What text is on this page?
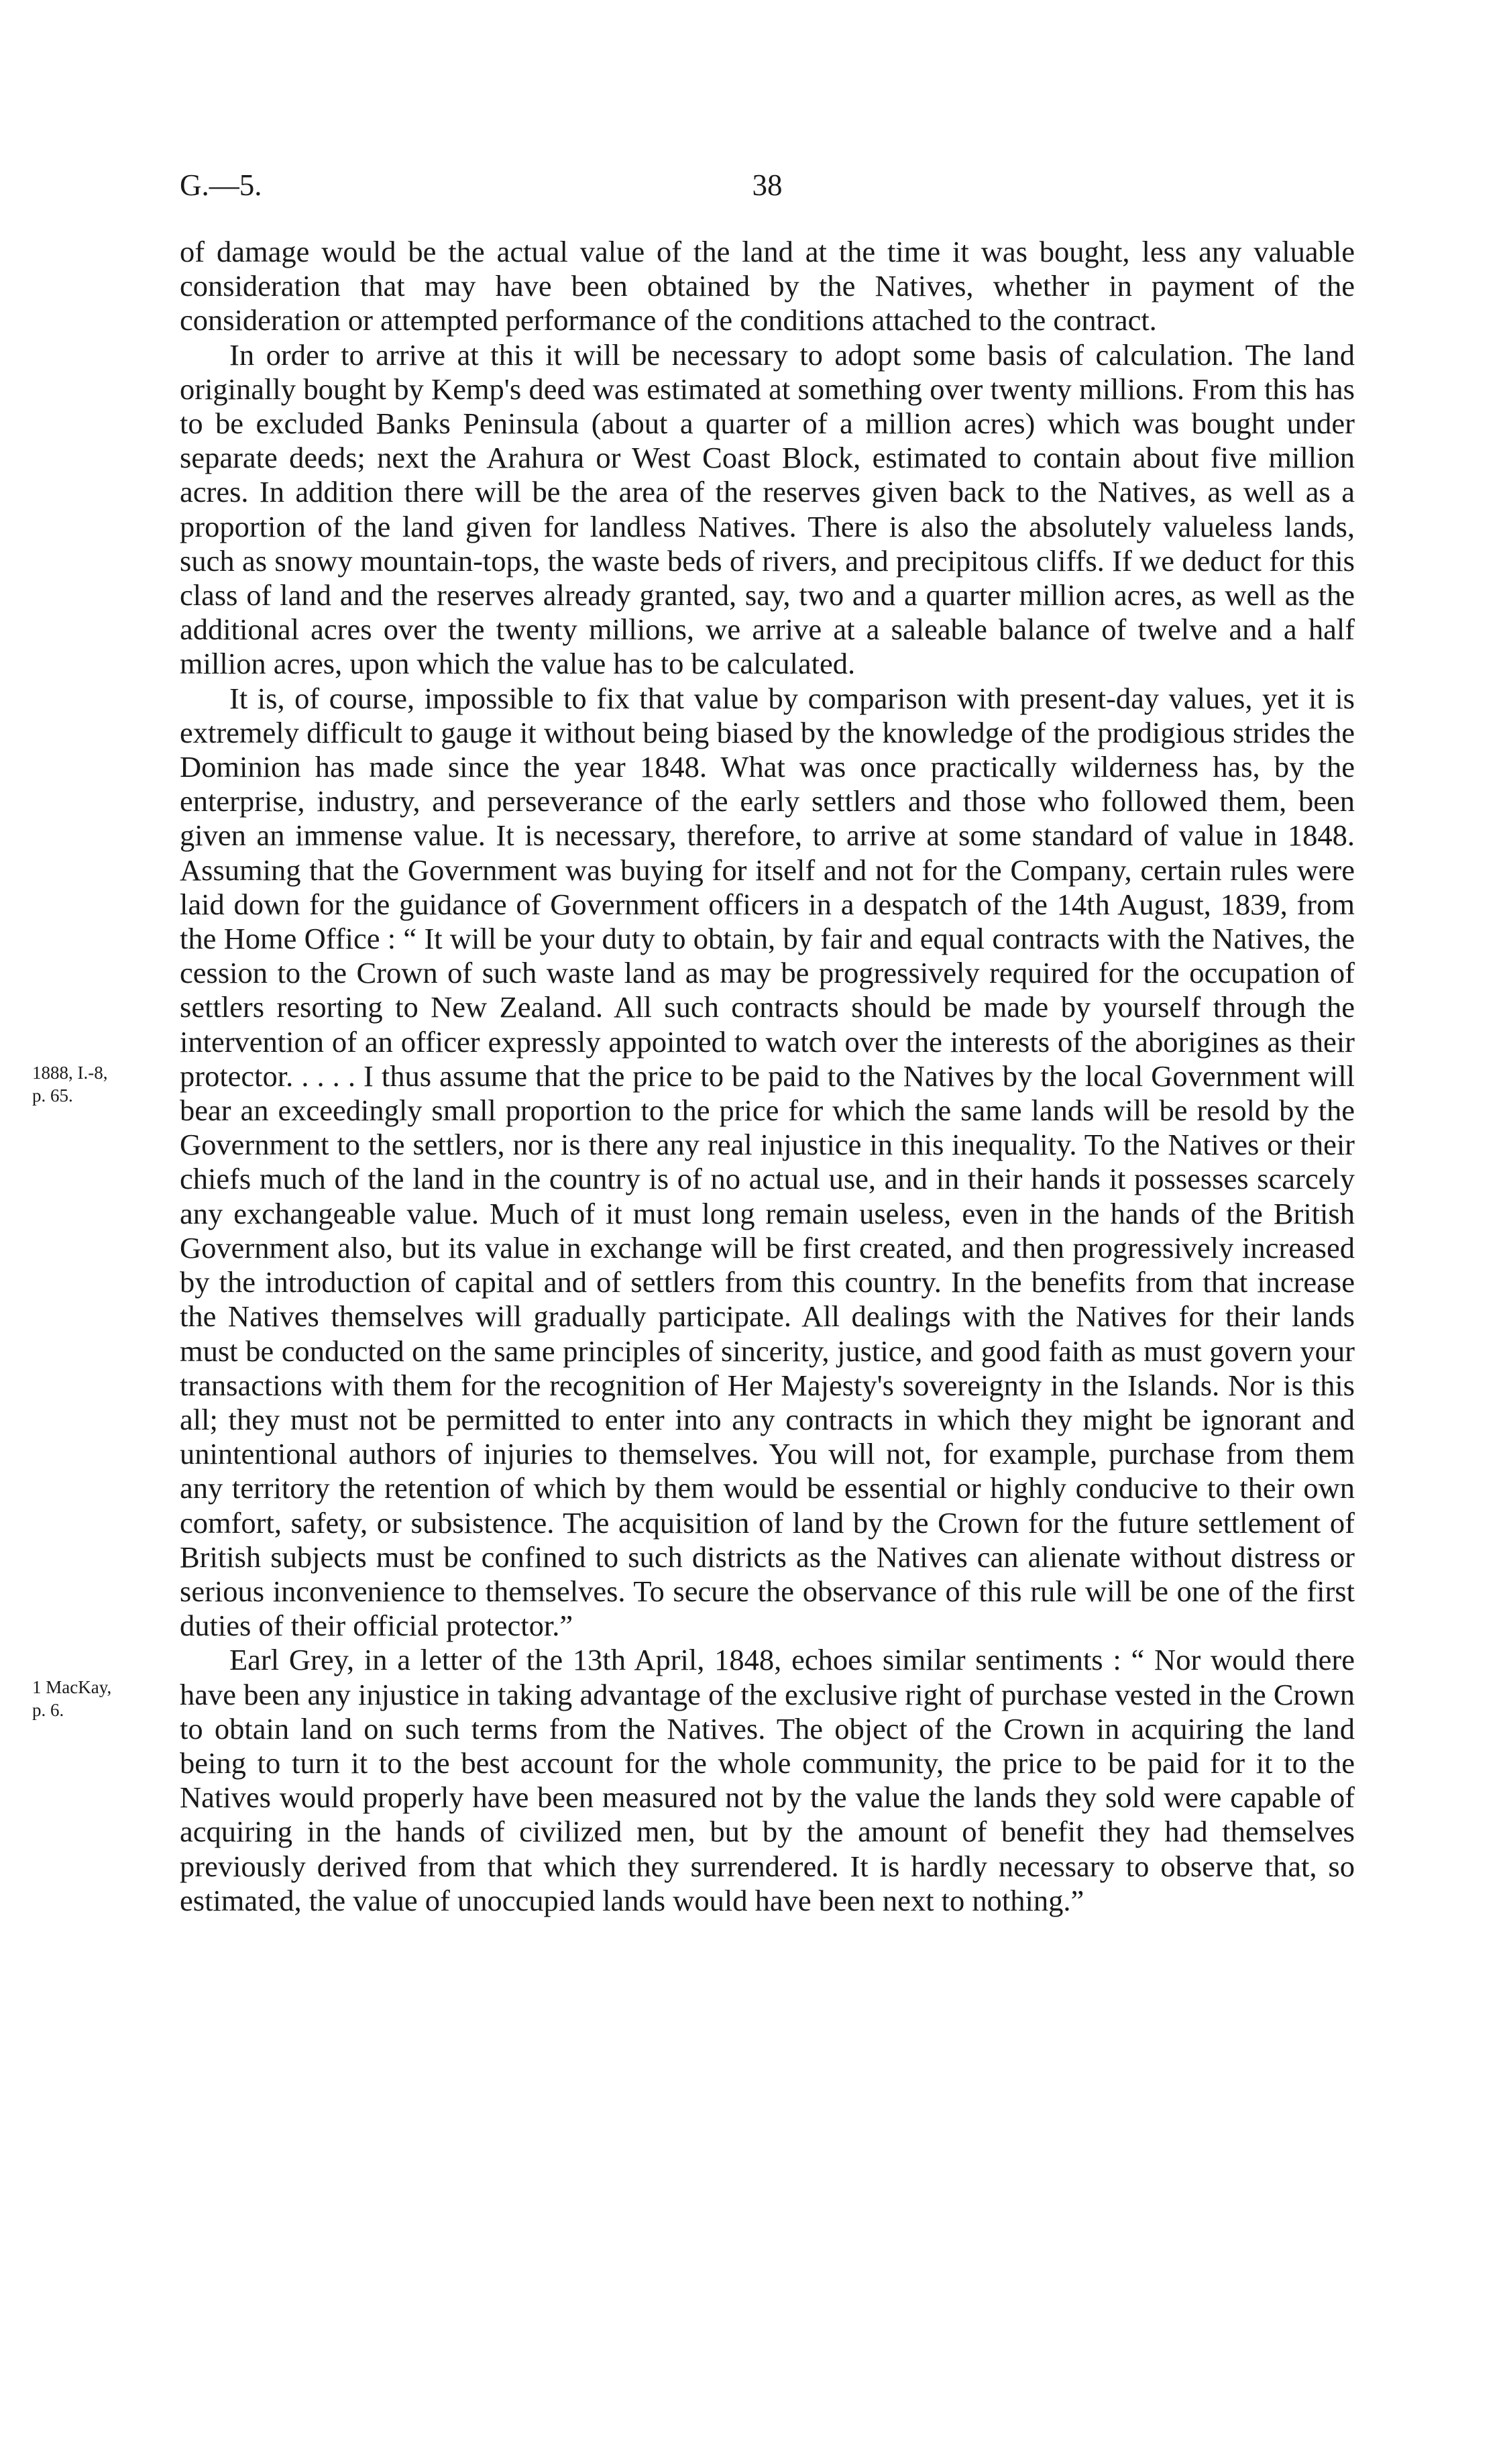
G.—5.	38

of damage would be the actual value of the land at the time it was bought, less any valuable consideration that may have been obtained by the Natives, whether in payment of the consideration or attempted performance of the conditions attached to the contract.

In order to arrive at this it will be necessary to adopt some basis of calculation. The land originally bought by Kemp's deed was estimated at something over twenty millions. From this has to be excluded Banks Peninsula (about a quarter of a million acres) which was bought under separate deeds; next the Arahura or West Coast Block, estimated to contain about five million acres. In addition there will be the area of the reserves given back to the Natives, as well as a proportion of the land given for landless Natives. There is also the absolutely valueless lands, such as snowy mountain-tops, the waste beds of rivers, and precipitous cliffs. If we deduct for this class of land and the reserves already granted, say, two and a quarter million acres, as well as the additional acres over the twenty millions, we arrive at a saleable balance of twelve and a half million acres, upon which the value has to be calculated.

It is, of course, impossible to fix that value by comparison with present-day values, yet it is extremely difficult to gauge it without being biased by the knowledge of the prodigious strides the Dominion has made since the year 1848. What was once practically wilderness has, by the enterprise, industry, and perseverance of the early settlers and those who followed them, been given an immense value. It is necessary, therefore, to arrive at some standard of value in 1848. Assuming that the Government was buying for itself and not for the Company, certain rules were laid down for the guidance of Government officers in a despatch of the 14th August, 1839, from the Home Office : “ It will be your duty to obtain, by fair and equal contracts with the Natives, the cession to the Crown of such waste land as may be progressively required for the occupation of settlers resorting to New Zealand. All such contracts should be made by yourself through the intervention of an officer expressly appointed to watch over the interests of the aborigines as their protector. . . . . I thus assume that the price to be paid to the Natives by the local Government will bear an exceedingly small proportion to the price for which the same lands will be resold by the Government to the settlers, nor is there any real injustice in this inequality. To the Natives or their chiefs much of the land in the country is of no actual use, and in their hands it possesses scarcely any exchangeable value. Much of it must long remain useless, even in the hands of the British Government also, but its value in exchange will be first created, and then progressively increased by the introduction of capital and of settlers from this country. In the benefits from that increase the Natives themselves will gradually participate. All dealings with the Natives for their lands must be conducted on the same principles of sincerity, justice, and good faith as must govern your transactions with them for the recognition of Her Majesty's sovereignty in the Islands. Nor is this all; they must not be permitted to enter into any contracts in which they might be ignorant and unintentional authors of injuries to themselves. You will not, for example, purchase from them any territory the retention of which by them would be essential or highly conducive to their own comfort, safety, or subsistence. The acquisition of land by the Crown for the future settlement of British subjects must be confined to such districts as the Natives can alienate without distress or serious inconvenience to themselves. To secure the observance of this rule will be one of the first duties of their official protector.”

Earl Grey, in a letter of the 13th April, 1848, echoes similar sentiments : “ Nor would there have been any injustice in taking advantage of the exclusive right of purchase vested in the Crown to obtain land on such terms from the Natives. The object of the Crown in acquiring the land being to turn it to the best account for the whole community, the price to be paid for it to the Natives would properly have been measured not by the value the lands they sold were capable of acquiring in the hands of civilized men, but by the amount of benefit they had themselves previously derived from that which they surrendered. It is hardly necessary to observe that, so estimated, the value of unoccupied lands would have been next to nothing.”

1888, I.-8,
p. 65.
1 MacKay,
p. 6.
